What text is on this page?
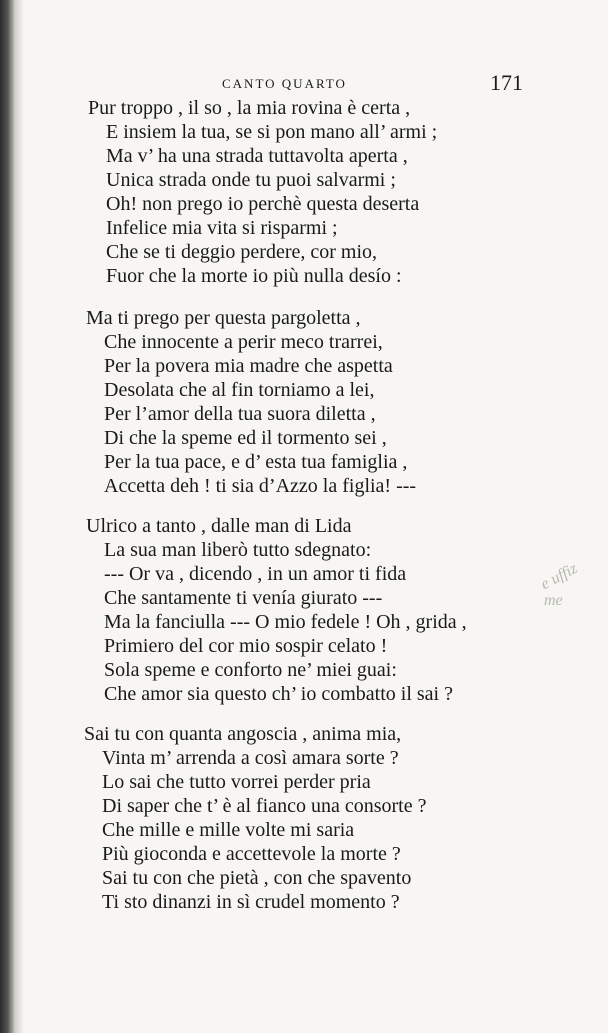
CANTO QUARTO	171
Pur troppo , il so , la mia rovina è certa ,
E insiem la tua, se si pon mano all’ armi ;
Ma v’ ha una strada tuttavolta aperta ,
Unica strada onde tu puoi salvarmi ;
Oh! non prego io perchè questa deserta
Infelice mia vita si risparmi ;
Che se ti deggio perdere, cor mio,
Fuor che la morte io più nulla desío :
Ma ti prego per questa pargoletta ,
Che innocente a perir meco trarrei,
Per la povera mia madre che aspetta
Desolata che al fin torniamo a lei,
Per l’amor della tua suora diletta ,
Di che la speme ed il tormento sei ,
Per la tua pace, e d’ esta tua famiglia ,
Accetta deh ! ti sia d’Azzo la figlia! ---
Ulrico a tanto , dalle man di Lida
La sua man liberò tutto sdegnato:
--- Or va , dicendo , in un amor ti fida
Che santamente ti venía giurato ---
Ma la fanciulla --- O mio fedele ! Oh , grida ,
Primiero del cor mio sospir celato !
Sola speme e conforto ne’ miei guai:
Che amor sia questo ch’ io combatto il sai ?
Sai tu con quanta angoscia , anima mia,
Vinta m’ arrenda a così amara sorte ?
Lo sai che tutto vorrei perder pria
Di saper che t’ è al fianco una consorte ?
Che mille e mille volte mi saria
Più gioconda e accettevole la morte ?
Sai tu con che pietà , con che spavento
Ti sto dinanzi in sì crudel momento ?
e uffiz
me
